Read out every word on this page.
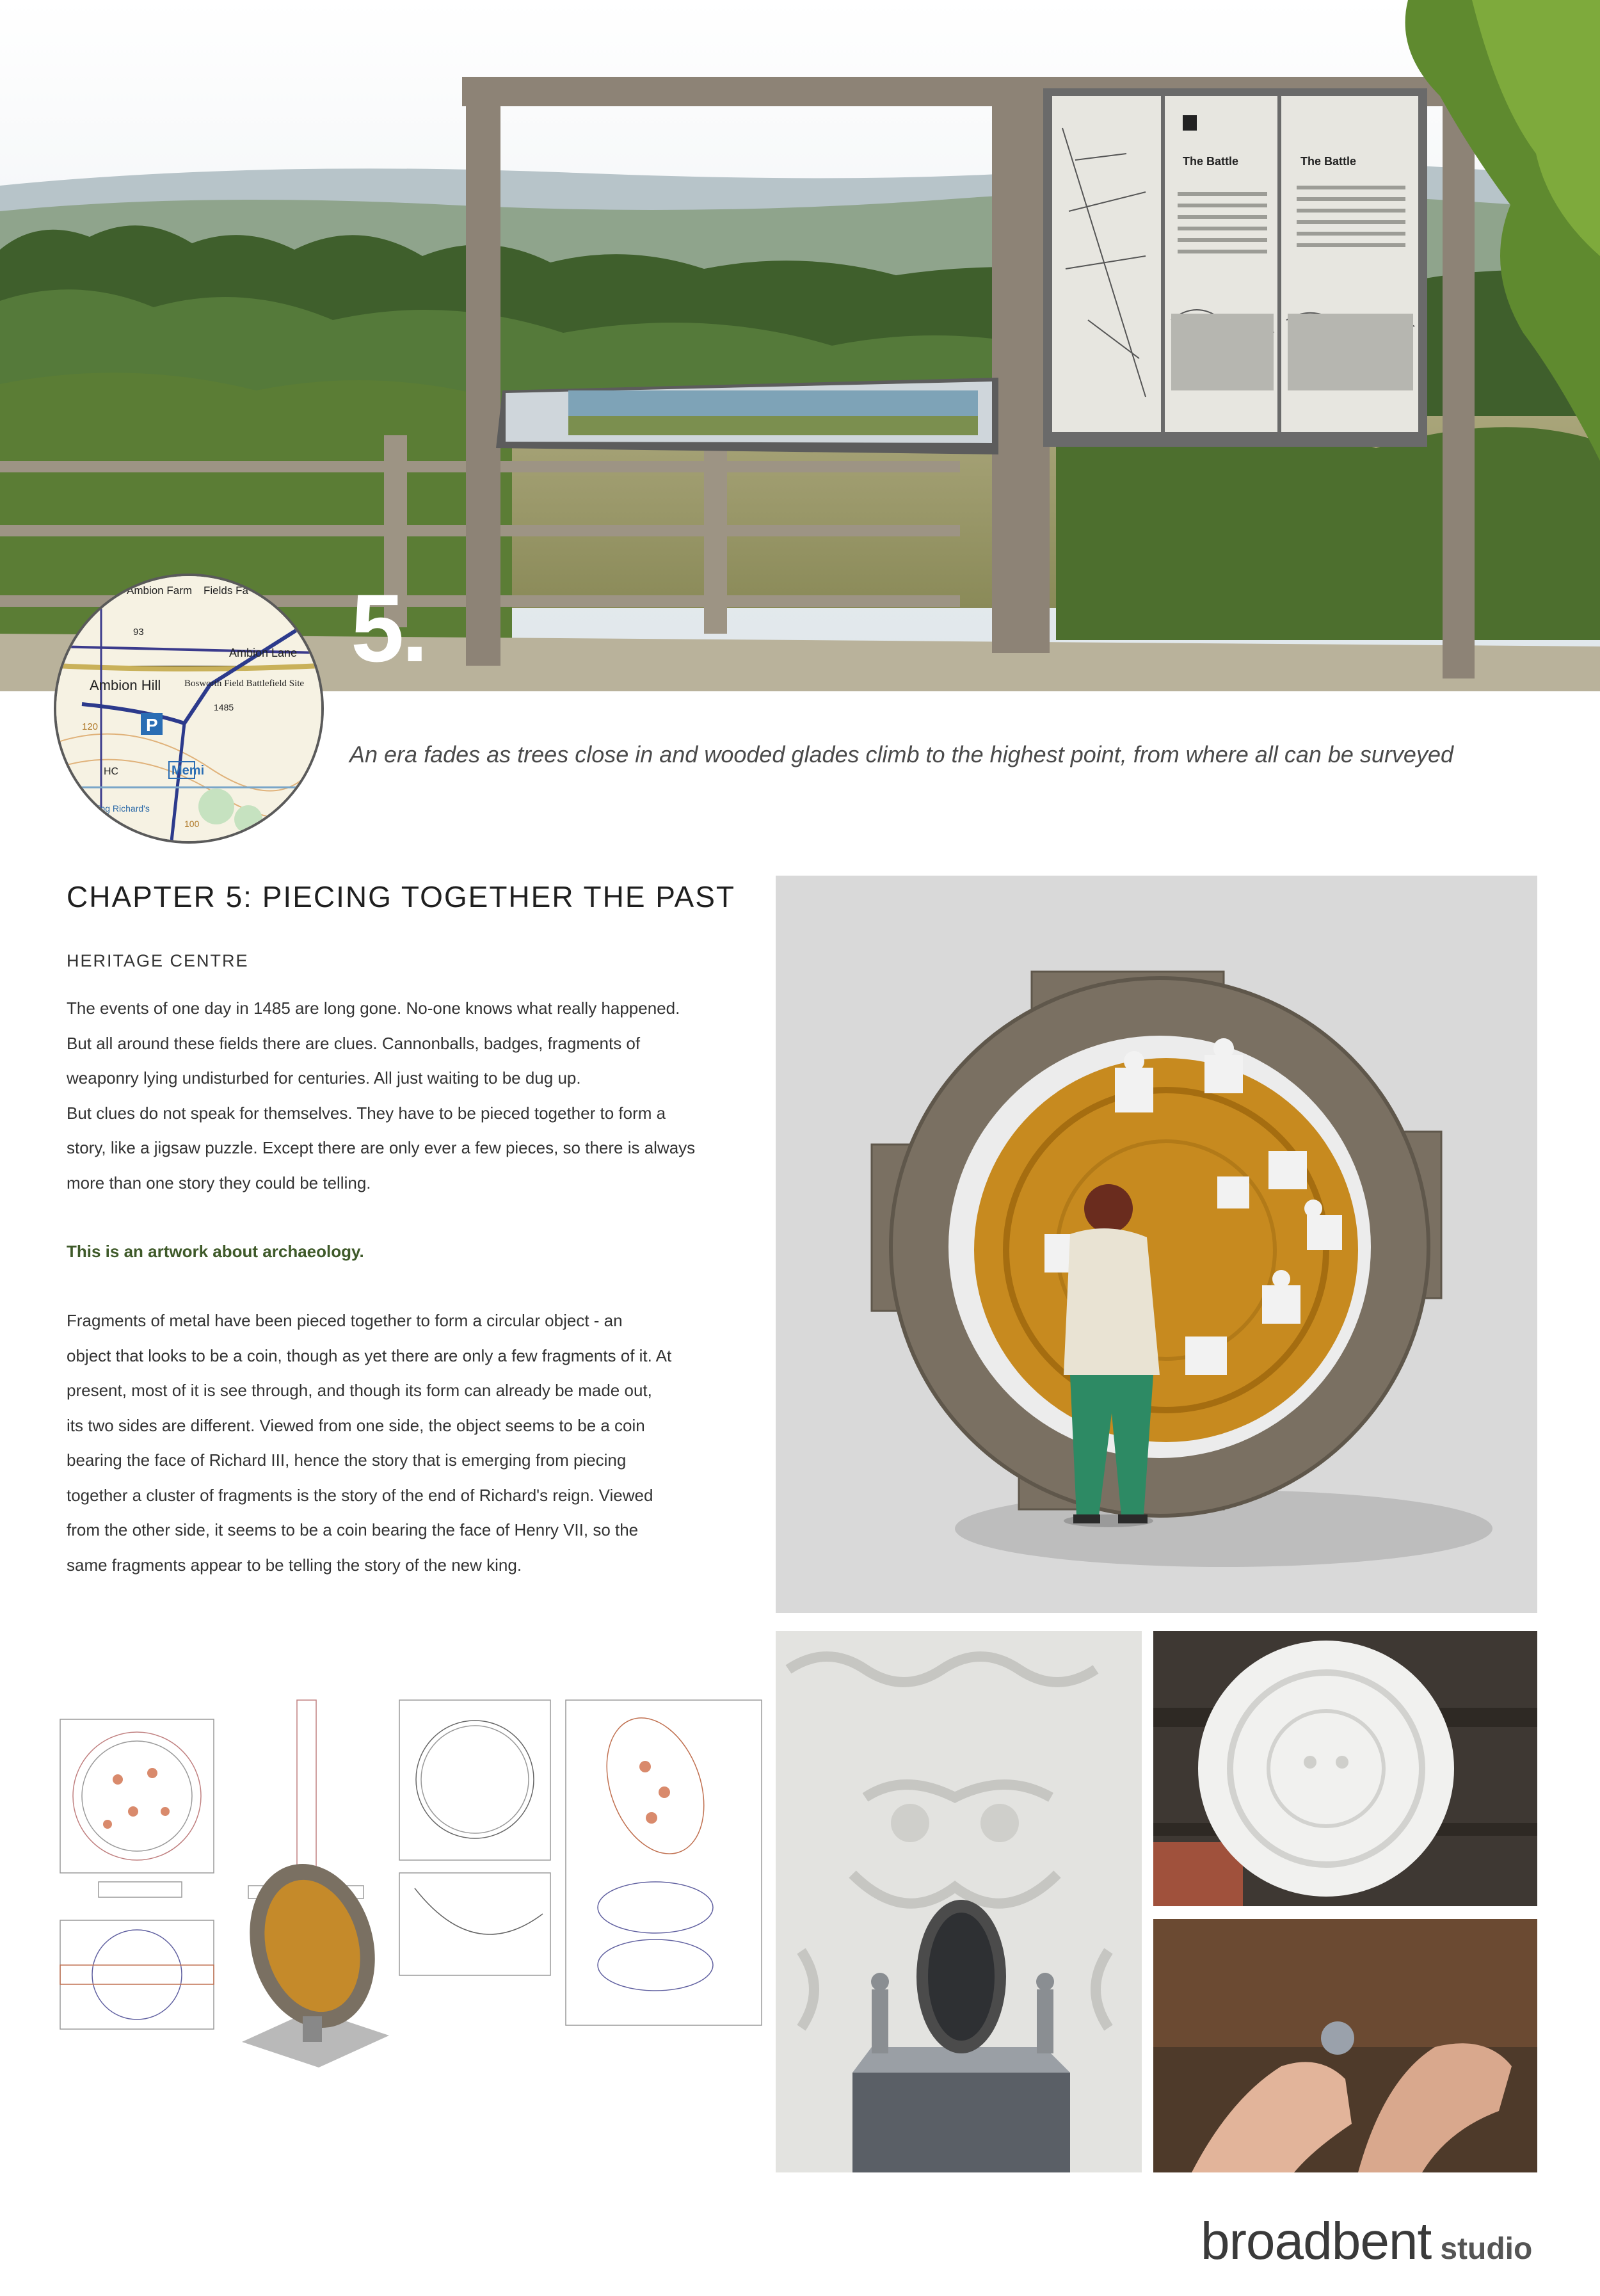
The Battle	The Battle
Ambion Farm Fields Fa
93
Ambion Lane
Ambion Hill Bosworth Field Battlefield Site
1485
120
HC
King Richard's
100
P
Memi
5.
An era fades as trees close in and wooded glades climb to the highest point, from where all can be surveyed
CHAPTER 5: PIECING TOGETHER THE PAST
HERITAGE CENTRE
The events of one day in 1485 are long gone. No-one knows what really happened.
But all around these fields there are clues. Cannonballs, badges, fragments of
weaponry lying undisturbed for centuries. All just waiting to be dug up.
But clues do not speak for themselves. They have to be pieced together to form a
story, like a jigsaw puzzle. Except there are only ever a few pieces, so there is always
more than one story they could be telling.
This is an artwork about archaeology.
Fragments of metal have been pieced together to form a circular object - an
object that looks to be a coin, though as yet there are only a few fragments of it. At
present, most of it is see through, and though its form can already be made out,
its two sides are different. Viewed from one side, the object seems to be a coin
bearing the face of Richard III, hence the story that is emerging from piecing
together a cluster of fragments is the story of the end of Richard's reign. Viewed
from the other side, it seems to be a coin bearing the face of Henry VII, so the
same fragments appear to be telling the story of the new king.
broadbent studio
